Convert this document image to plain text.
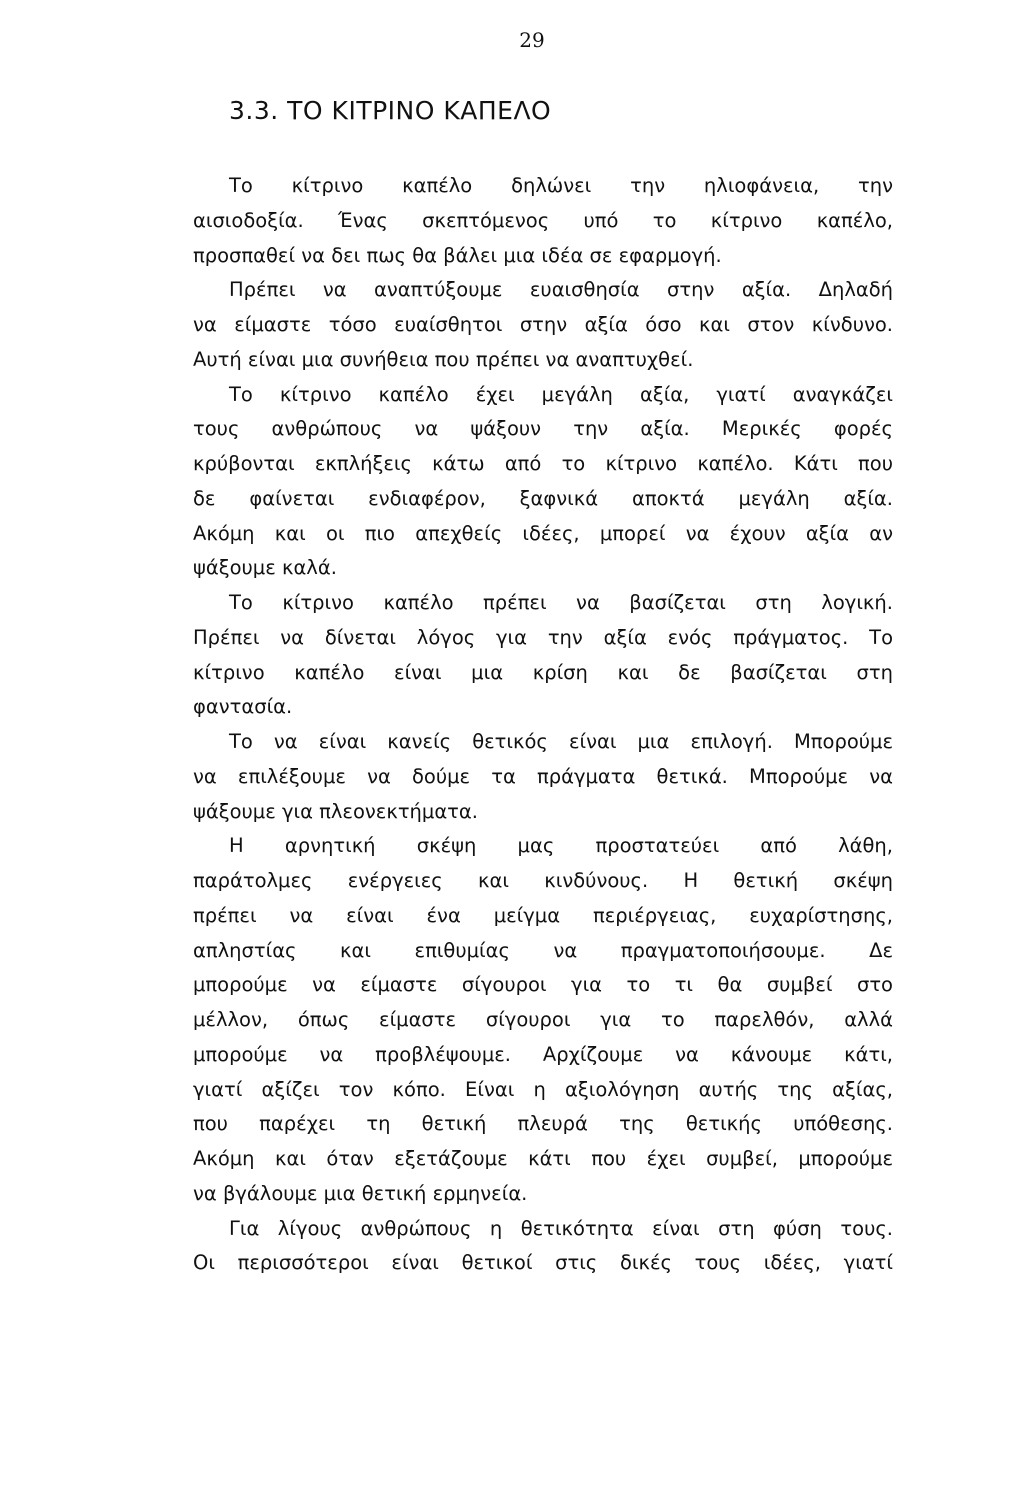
29
3.3. ΤΟ ΚΙΤΡΙΝΟ ΚΑΠΕΛΟ
Το κίτρινο καπέλο δηλώνει την ηλιοφάνεια, την
αισιοδοξία. Ένας σκεπτόμενος υπό το κίτρινο καπέλο,
προσπαθεί να δει πως θα βάλει μια ιδέα σε εφαρμογή.
Πρέπει να αναπτύξουμε ευαισθησία στην αξία. Δηλαδή
να είμαστε τόσο ευαίσθητοι στην αξία όσο και στον κίνδυνο.
Αυτή είναι μια συνήθεια που πρέπει να αναπτυχθεί.
Το κίτρινο καπέλο έχει μεγάλη αξία, γιατί αναγκάζει
τους ανθρώπους να ψάξουν την αξία. Μερικές φορές
κρύβονται εκπλήξεις κάτω από το κίτρινο καπέλο. Κάτι που
δε φαίνεται ενδιαφέρον, ξαφνικά αποκτά μεγάλη αξία.
Ακόμη και οι πιο απεχθείς ιδέες, μπορεί να έχουν αξία αν
ψάξουμε καλά.
Το κίτρινο καπέλο πρέπει να βασίζεται στη λογική.
Πρέπει να δίνεται λόγος για την αξία ενός πράγματος. Το
κίτρινο καπέλο είναι μια κρίση και δε βασίζεται στη
φαντασία.
Το να είναι κανείς θετικός είναι μια επιλογή. Μπορούμε
να επιλέξουμε να δούμε τα πράγματα θετικά. Μπορούμε να
ψάξουμε για πλεονεκτήματα.
Η αρνητική σκέψη μας προστατεύει από λάθη,
παράτολμες ενέργειες και κινδύνους. Η θετική σκέψη
πρέπει να είναι ένα μείγμα περιέργειας, ευχαρίστησης,
απληστίας και επιθυμίας να πραγματοποιήσουμε. Δε
μπορούμε να είμαστε σίγουροι για το τι θα συμβεί στο
μέλλον, όπως είμαστε σίγουροι για το παρελθόν, αλλά
μπορούμε να προβλέψουμε. Αρχίζουμε να κάνουμε κάτι,
γιατί αξίζει τον κόπο. Είναι η αξιολόγηση αυτής της αξίας,
που παρέχει τη θετική πλευρά της θετικής υπόθεσης.
Ακόμη και όταν εξετάζουμε κάτι που έχει συμβεί, μπορούμε
να βγάλουμε μια θετική ερμηνεία.
Για λίγους ανθρώπους η θετικότητα είναι στη φύση τους.
Οι περισσότεροι είναι θετικοί στις δικές τους ιδέες, γιατί
